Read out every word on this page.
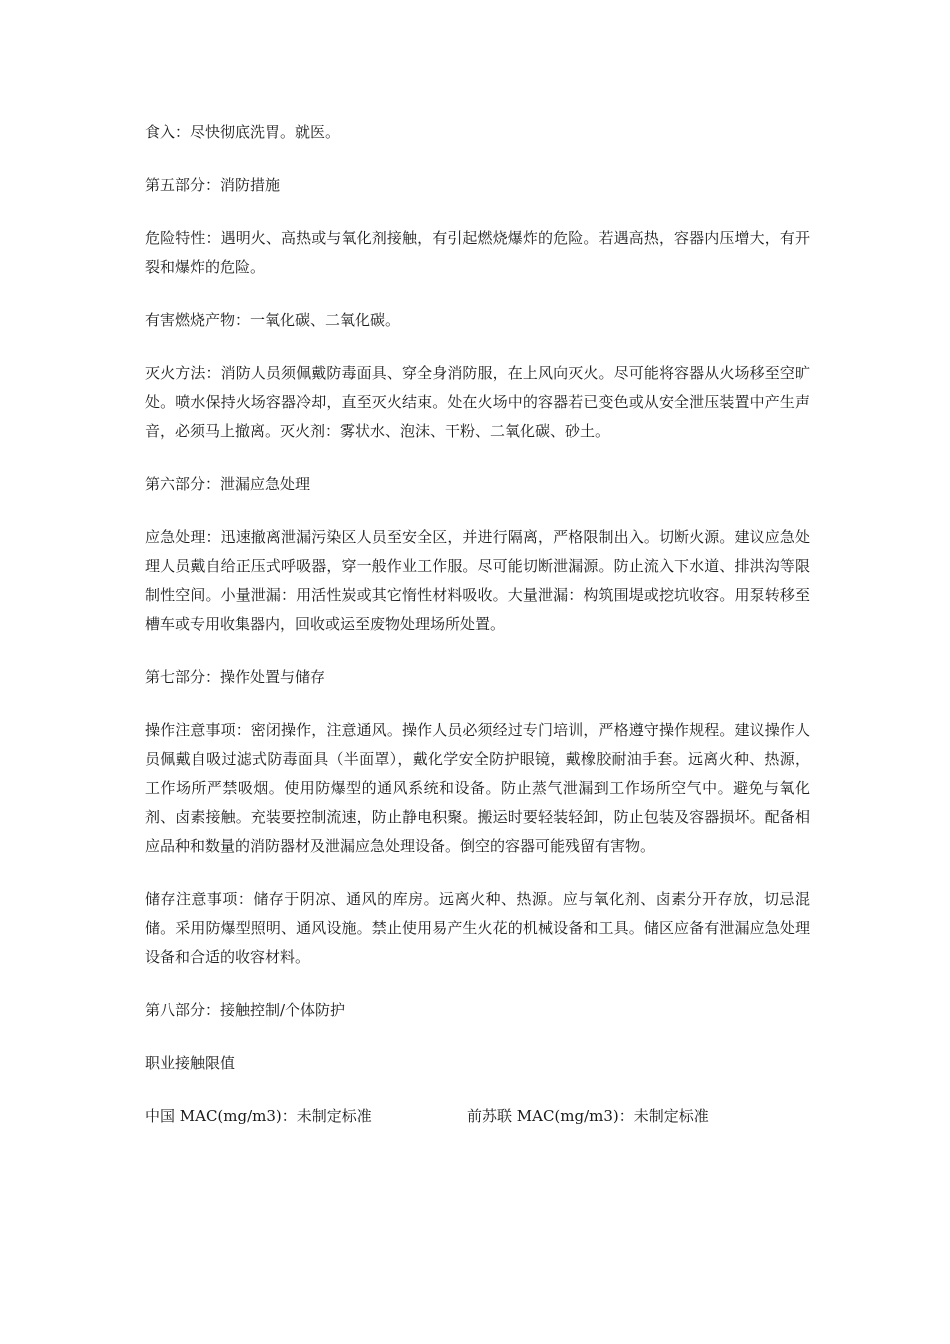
食入：尽快彻底洗胃。就医。

第五部分：消防措施

危险特性：遇明火、高热或与氧化剂接触，有引起燃烧爆炸的危险。若遇高热，容器内压增大，有开裂和爆炸的危险。

有害燃烧产物：一氧化碳、二氧化碳。

灭火方法：消防人员须佩戴防毒面具、穿全身消防服，在上风向灭火。尽可能将容器从火场移至空旷处。喷水保持火场容器冷却，直至灭火结束。处在火场中的容器若已变色或从安全泄压装置中产生声音，必须马上撤离。灭火剂：雾状水、泡沫、干粉、二氧化碳、砂土。

第六部分：泄漏应急处理

应急处理：迅速撤离泄漏污染区人员至安全区，并进行隔离，严格限制出入。切断火源。建议应急处理人员戴自给正压式呼吸器，穿一般作业工作服。尽可能切断泄漏源。防止流入下水道、排洪沟等限制性空间。小量泄漏：用活性炭或其它惰性材料吸收。大量泄漏：构筑围堤或挖坑收容。用泵转移至槽车或专用收集器内，回收或运至废物处理场所处置。

第七部分：操作处置与储存

操作注意事项：密闭操作，注意通风。操作人员必须经过专门培训，严格遵守操作规程。建议操作人员佩戴自吸过滤式防毒面具（半面罩），戴化学安全防护眼镜，戴橡胶耐油手套。远离火种、热源，工作场所严禁吸烟。使用防爆型的通风系统和设备。防止蒸气泄漏到工作场所空气中。避免与氧化剂、卤素接触。充装要控制流速，防止静电积聚。搬运时要轻装轻卸，防止包装及容器损坏。配备相应品种和数量的消防器材及泄漏应急处理设备。倒空的容器可能残留有害物。

储存注意事项：储存于阴凉、通风的库房。远离火种、热源。应与氧化剂、卤素分开存放，切忌混储。采用防爆型照明、通风设施。禁止使用易产生火花的机械设备和工具。储区应备有泄漏应急处理设备和合适的收容材料。

第八部分：接触控制/个体防护

职业接触限值

中国 MAC(mg/m3)：未制定标准	前苏联 MAC(mg/m3)：未制定标准
